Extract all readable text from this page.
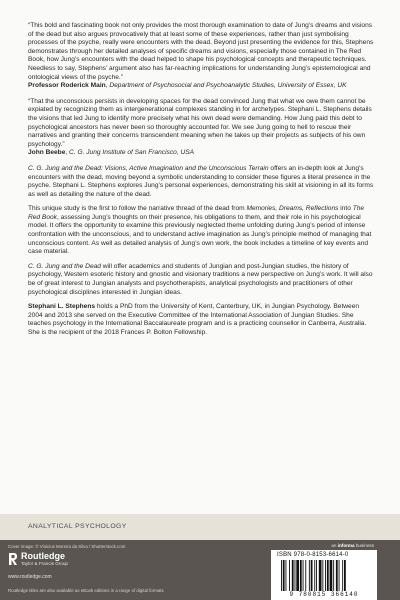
“This bold and fascinating book not only provides the most thorough examination to date of Jung’s dreams and visions of the dead but also argues provocatively that at least some of these experiences, rather than just symbolising processes of the psyche, really were encounters with the dead. Beyond just presenting the evidence for this, Stephens demonstrates through her detailed analyses of specific dreams and visions, especially those contained in The Red Book, how Jung’s encounters with the dead helped to shape his psychological concepts and therapeutic techniques. Needless to say, Stephens’ argument also has far-reaching implications for understanding Jung’s epistemological and ontological views of the psyche.”

Professor Roderick Main, Department of Psychosocial and Psychoanalytic Studies, University of Essex, UK

“That the unconscious persists in developing spaces for the dead convinced Jung that what we owe them cannot be expiated by recognizing them as intergenerational complexes standing in for archetypes. Stephani L. Stephens details the visions that led Jung to identify more precisely what his own dead were demanding. How Jung paid this debt to psychological ancestors has never been so thoroughly accounted for. We see Jung going to hell to rescue their narratives and granting their concerns transcendent meaning when he takes up their projects as subjects of his own psychology.”

John Beebe, C. G. Jung Institute of San Francisco, USA

C. G. Jung and the Dead: Visions, Active Imagination and the Unconscious Terrain offers an in-depth look at Jung’s encounters with the dead, moving beyond a symbolic understanding to consider these figures a literal presence in the psyche. Stephani L. Stephens explores Jung’s personal experiences, demonstrating his skill at visioning in all its forms as well as detailing the nature of the dead.

This unique study is the first to follow the narrative thread of the dead from Memories, Dreams, Reflections into The Red Book, assessing Jung’s thoughts on their presence, his obligations to them, and their role in his psychological model. It offers the opportunity to examine this previously neglected theme unfolding during Jung’s period of intense confrontation with the unconscious, and to understand active imagination as Jung’s principle method of managing that unconscious content. As well as detailed analysis of Jung’s own work, the book includes a timeline of key events and case material.

C. G. Jung and the Dead will offer academics and students of Jungian and post-Jungian studies, the history of psychology, Western esoteric history and gnostic and visionary traditions a new perspective on Jung’s work. It will also be of great interest to Jungian analysts and psychotherapists, analytical psychologists and practitioners of other psychological disciplines interested in Jungian ideas.

Stephani L. Stephens holds a PhD from the University of Kent, Canterbury, UK, in Jungian Psychology. Between 2004 and 2013 she served on the Executive Committee of the International Association of Jungian Studies. She teaches psychology in the International Baccalaureate program and is a practicing counsellor in Canberra, Australia. She is the recipient of the 2018 Frances P. Bolton Fellowship.

ANALYTICAL PSYCHOLOGY
Cover image: © Vinicius Moreira da Silva / Shutterstock.com	an informa business
Routledge
Taylor & Francis Group
www.routledge.com
Routledge titles are also available as eBook editions in a range of digital formats
ISBN 978-0-8153-6614-0
9 780815 366140
